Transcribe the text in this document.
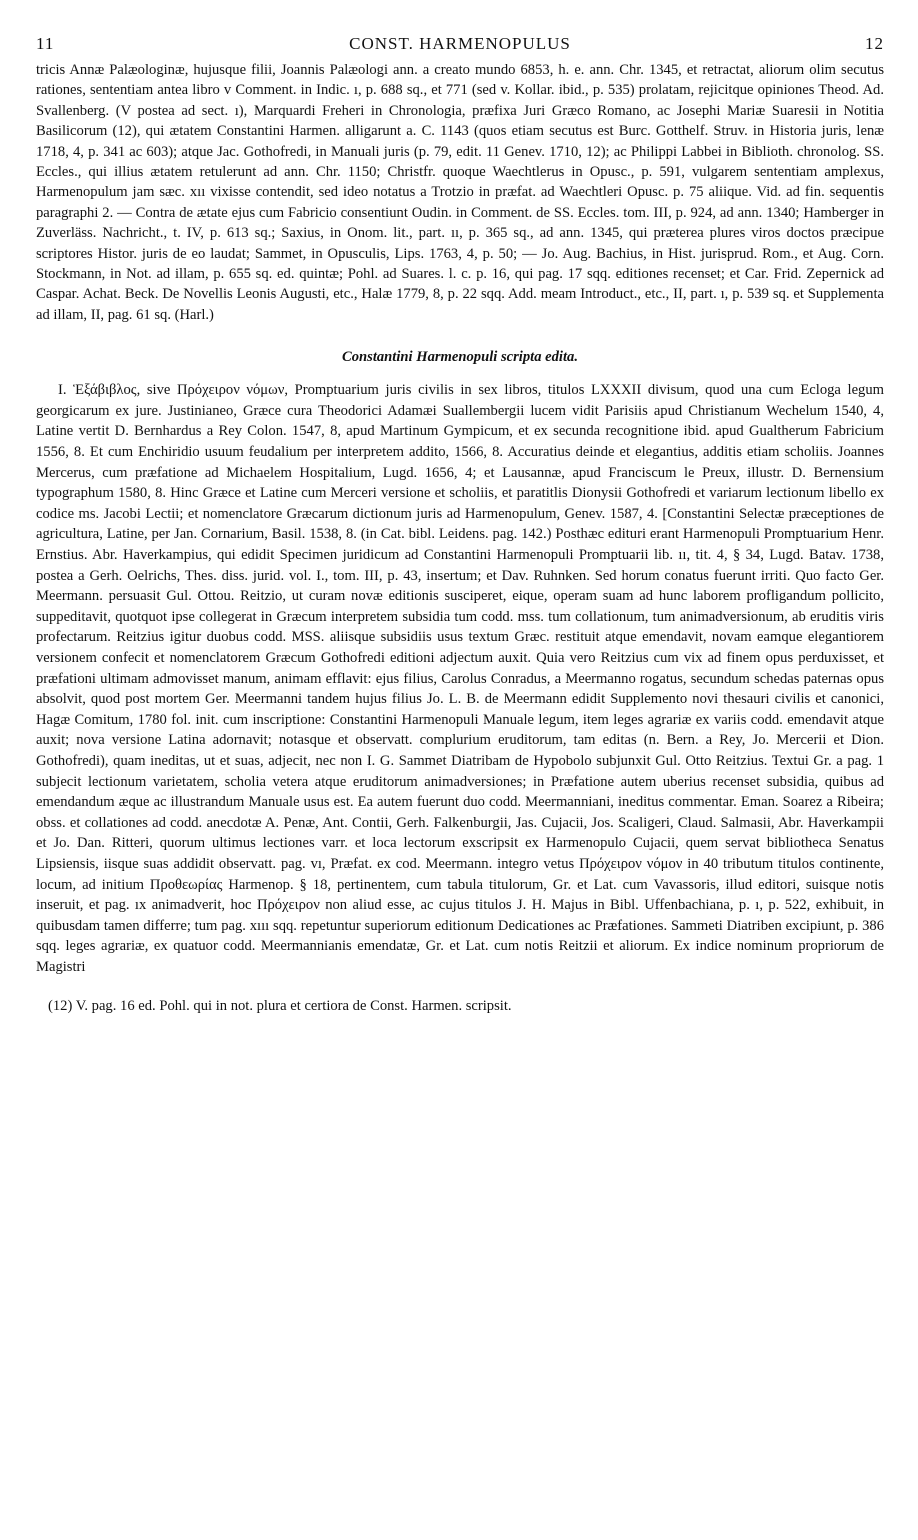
11	CONST. HARMENOPULUS	12

tricis Annæ Palæologinæ, hujusque filii, Joannis Palæologi ann. a creato mundo 6853, h. e. ann. Chr. 1345, et retractat, aliorum olim secutus rationes, sententiam antea libro v Comment. in Indic. ı, p. 688 sq., et 771 (sed v. Kollar. ibid., p. 535) prolatam, rejicitque opiniones Theod. Ad. Svallenberg. (V postea ad sect. ı), Marquardi Freheri in Chronologia, præfixa Juri Græco Romano, ac Josephi Mariæ Suaresii in Notitia Basilicorum (12), qui ætatem Constantini Harmen. alligarunt a. C. 1143 (quos etiam secutus est Burc. Gotthelf. Struv. in Historia juris, lenæ 1718, 4, p. 341 ac 603); atque Jac. Gothofredi, in Manuali juris (p. 79, edit. 11 Genev. 1710, 12); ac Philippi Labbei in Biblioth. chronolog. SS. Eccles., qui illius ætatem retulerunt ad ann. Chr. 1150; Christfr. quoque Waechtlerus in Opusc., p. 591, vulgarem sententiam amplexus, Harmenopulum jam sæc. xıı vixisse contendit, sed ideo notatus a Trotzio in præfat. ad Waechtleri Opusc. p. 75 aliique. Vid. ad fin. sequentis paragraphi 2. — Contra de ætate ejus cum Fabricio consentiunt Oudin. in Comment. de SS. Eccles. tom. III, p. 924, ad ann. 1340; Hamberger in Zuverläss. Nachricht., t. IV, p. 613 sq.; Saxius, in Onom. lit., part. ıı, p. 365 sq., ad ann. 1345, qui præterea plures viros doctos præcipue scriptores Histor. juris de eo laudat; Sammet, in Opusculis, Lips. 1763, 4, p. 50; — Jo. Aug. Bachius, in Hist. jurisprud. Rom., et Aug. Corn. Stockmann, in Not. ad illam, p. 655 sq. ed. quintæ; Pohl. ad Suares. l. c. p. 16, qui pag. 17 sqq. editiones recenset; et Car. Frid. Zepernick ad Caspar. Achat. Beck. De Novellis Leonis Augusti, etc., Halæ 1779, 8, p. 22 sqq. Add. meam Introduct., etc., II, part. ı, p. 539 sq. et Supplementa ad illam, II, pag. 61 sq. (Harl.)

Constantini Harmenopuli scripta edita.

I. Ἑξάβιβλος, sive Πρόχειρον νόμων, Promptuarium juris civilis in sex libros, titulos LXXXII divisum, quod una cum Ecloga legum georgicarum ex jure. Justinianeo, Græce cura Theodorici Adamæi Suallembergii lucem vidit Parisiis apud Christianum Wechelum 1540, 4, Latine vertit D. Bernhardus a Rey Colon. 1547, 8, apud Martinum Gympicum, et ex secunda recognitione ibid. apud Gualtherum Fabricium 1556, 8. Et cum Enchiridio usuum feudalium per interpretem addito, 1566, 8. Accuratius deinde et elegantius, additis etiam scholiis. Joannes Mercerus, cum præfatione ad Michaelem Hospitalium, Lugd. 1656, 4; et Lausannæ, apud Franciscum le Preux, illustr. D. Bernensium typographum 1580, 8. Hinc Græce et Latine cum Merceri versione et scholiis, et paratitlis Dionysii Gothofredi et variarum lectionum libello ex codice ms. Jacobi Lectii; et nomenclatore Græcarum dictionum juris ad Harmenopulum, Genev. 1587, 4. [Constantini Selectæ præceptiones de agricultura, Latine, per Jan. Cornarium, Basil. 1538, 8. (in Cat. bibl. Leidens. pag. 142.) Posthæc edituri erant Harmenopuli Promptuarium Henr. Ernstius. Abr. Haverkampius, qui edidit Specimen juridicum ad Constantini Harmenopuli Promptuarii lib. ıı, tit. 4, § 34, Lugd. Batav. 1738, postea a Gerh. Oelrichs, Thes. diss. jurid. vol. I., tom. III, p. 43, insertum; et Dav. Ruhnken. Sed horum conatus fuerunt irriti. Quo facto Ger. Meermann. persuasit Gul. Ottou. Reitzio, ut curam novæ editionis susciperet, eique, operam suam ad hunc laborem profligandum pollicito, suppeditavit, quotquot ipse collegerat in Græcum interpretem subsidia tum codd. mss. tum collationum, tum animadversionum, ab eruditis viris profectarum. Reitzius igitur duobus codd. MSS. aliisque subsidiis usus textum Græc. restituit atque emendavit, novam eamque elegantiorem versionem confecit et nomenclatorem Græcum Gothofredi editioni adjectum auxit. Quia vero Reitzius cum vix ad finem opus perduxisset, et præfationi ultimam admovisset manum, animam efflavit: ejus filius, Carolus Conradus, a Meermanno rogatus, secundum schedas paternas opus absolvit, quod post mortem Ger. Meermanni tandem hujus filius Jo. L. B. de Meermann edidit Supplemento novi thesauri civilis et canonici, Hagæ Comitum, 1780 fol. init. cum inscriptione: Constantini Harmenopuli Manuale legum, item leges agrariæ ex variis codd. emendavit atque auxit; nova versione Latina adornavit; notasque et observatt. complurium eruditorum, tam editas (n. Bern. a Rey, Jo. Mercerii et Dion. Gothofredi), quam ineditas, ut et suas, adjecit, nec non I. G. Sammet Diatribam de Hypobolo subjunxit Gul. Otto Reitzius. Textui Gr. a pag. 1 subjecit lectionum varietatem, scholia vetera atque eruditorum animadversiones; in Præfatione autem uberius recenset subsidia, quibus ad emendandum æque ac illustrandum Manuale usus est. Ea autem fuerunt duo codd. Meermanniani, ineditus commentar. Eman. Soarez a Ribeira; obss. et collationes ad codd. anecdotæ A. Penæ, Ant. Contii, Gerh. Falkenburgii, Jas. Cujacii, Jos. Scaligeri, Claud. Salmasii, Abr. Haverkampii et Jo. Dan. Ritteri, quorum ultimus lectiones varr. et loca lectorum exscripsit ex Harmenopulo Cujacii, quem servat bibliotheca Senatus Lipsiensis, iisque suas addidit observatt. pag. vı, Præfat. ex cod. Meermann. integro vetus Πρόχειρον νόμον in 40 tributum titulos continente, locum, ad initium Προθεωρίας Harmenop. § 18, pertinentem, cum tabula titulorum, Gr. et Lat. cum Vavassoris, illud editori, suisque notis inseruit, et pag. ıx animadverit, hoc Πρόχειρον non aliud esse, ac cujus titulos J. H. Majus in Bibl. Uffenbachiana, p. ı, p. 522, exhibuit, in quibusdam tamen differre; tum pag. xııı sqq. repetuntur superiorum editionum Dedicationes ac Præfationes. Sammeti Diatriben excipiunt, p. 386 sqq. leges agrariæ, ex quatuor codd. Meermannianis emendatæ, Gr. et Lat. cum notis Reitzii et aliorum. Ex indice nominum propriorum de Magistri

(12) V. pag. 16 ed. Pohl. qui in not. plura et certiora de Const. Harmen. scripsit.
